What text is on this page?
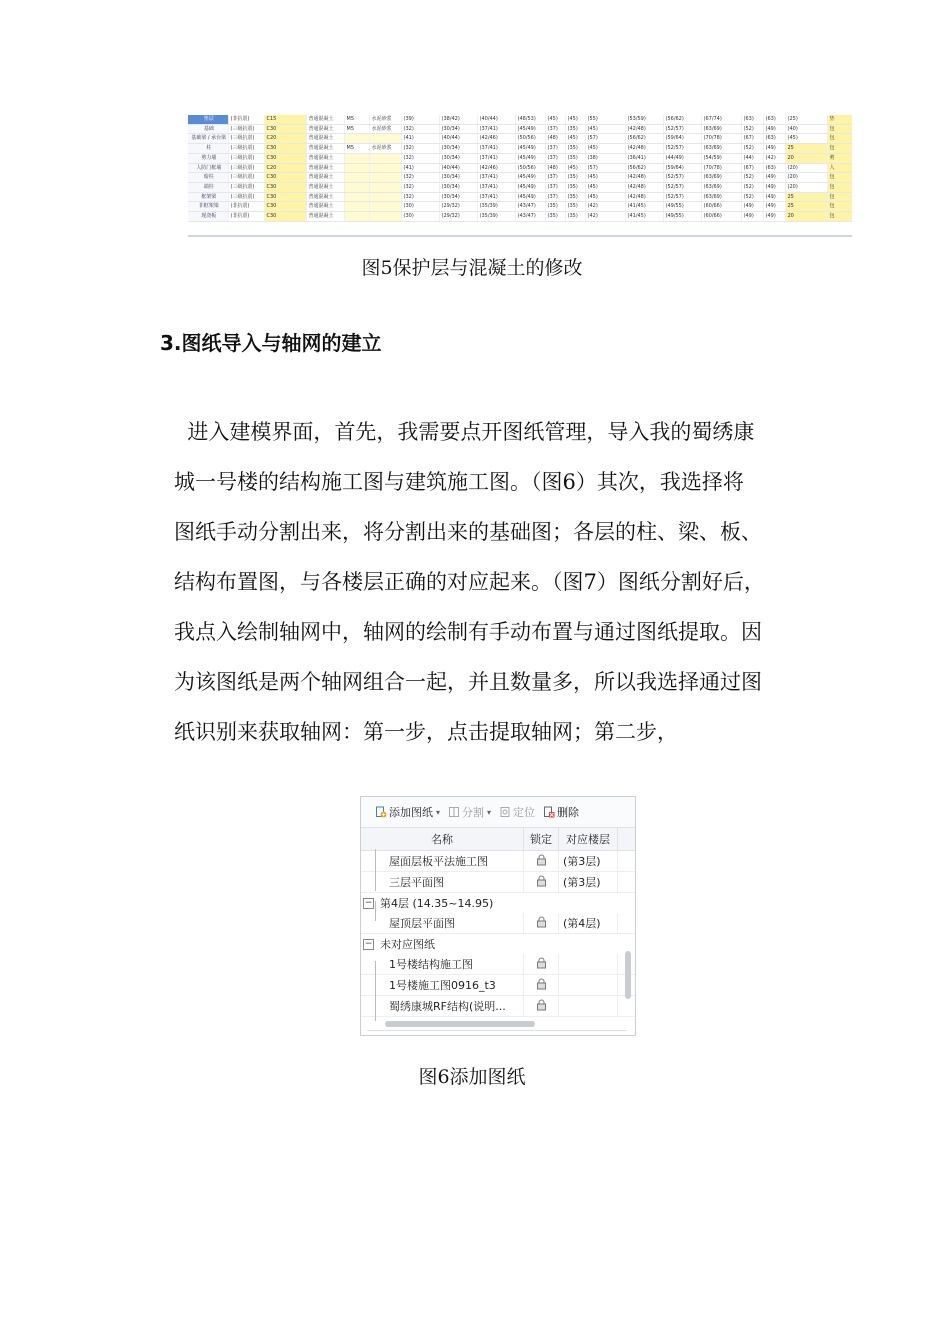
垫层	(非抗震)	C15	普通混凝土	M5	水泥砂浆	(39)	(38/42)	(40/44)	(48/53)	(45)	(45)	(55)	(53/59)	(56/62)	(67/74)	(63)	(63)	(25)	垫
基础	(三级抗震)	C30	普通混凝土	M5	水泥砂浆	(32)	(30/34)	(37/41)	(45/49)	(37)	(35)	(45)	(42/48)	(52/57)	(63/69)	(52)	(49)	(40)	包
基础梁 / 承台梁	(三级抗震)	C20	普通混凝土			(41)	(40/44)	(42/46)	(50/56)	(48)	(45)	(57)	(56/62)	(59/64)	(70/78)	(67)	(63)	(45)	包
柱	(三级抗震)	C30	普通混凝土	M5	水泥砂浆	(32)	(30/34)	(37/41)	(45/49)	(37)	(35)	(45)	(42/48)	(52/57)	(63/69)	(52)	(49)	25	包
剪力墙	(三级抗震)	C30	普通混凝土			(32)	(30/34)	(37/41)	(45/49)	(37)	(35)	(38)	(36/41)	(44/49)	(54/59)	(44)	(42)	20	剪
人防门框墙	(三级抗震)	C20	普通混凝土			(41)	(40/44)	(42/46)	(50/56)	(48)	(45)	(57)	(56/62)	(59/64)	(70/78)	(67)	(63)	(20)	人
暗柱	(三级抗震)	C30	普通混凝土			(32)	(30/34)	(37/41)	(45/49)	(37)	(35)	(45)	(42/48)	(52/57)	(63/69)	(52)	(49)	(20)	包
端柱	(三级抗震)	C30	普通混凝土			(32)	(30/34)	(37/41)	(45/49)	(37)	(35)	(45)	(42/48)	(52/57)	(63/69)	(52)	(49)	(20)	包
框架梁	(三级抗震)	C30	普通混凝土			(32)	(30/34)	(37/41)	(45/49)	(37)	(35)	(45)	(42/48)	(52/57)	(63/69)	(52)	(49)	25	包
非框架梁	(非抗震)	C30	普通混凝土			(30)	(29/32)	(35/39)	(43/47)	(35)	(35)	(42)	(41/45)	(49/55)	(60/66)	(49)	(49)	25	包
现浇板	(非抗震)	C30	普通混凝土			(30)	(29/32)	(35/39)	(43/47)	(35)	(35)	(42)	(41/45)	(49/55)	(60/66)	(49)	(49)	20	包
图5保护层与混凝土的修改
3.图纸导入与轴网的建立
进入建模界面，首先，我需要点开图纸管理，导入我的蜀绣康
城一号楼的结构施工图与建筑施工图。（图6）其次，我选择将
图纸手动分割出来，将分割出来的基础图；各层的柱、梁、板、
结构布置图，与各楼层正确的对应起来。（图7）图纸分割好后，
我点入绘制轴网中，轴网的绘制有手动布置与通过图纸提取。因
为该图纸是两个轴网组合一起，并且数量多，所以我选择通过图
纸识别来获取轴网：第一步，点击提取轴网；第二步，
添加图纸 ▾ 分割 ▾ 定位 删除
名称	锁定	对应楼层
屋面层板平法施工图	(第3层)
三层平面图	(第3层)
− 第4层 (14.35~14.95)
屋顶层平面图	(第4层)
− 未对应图纸
1号楼结构施工图
1号楼施工图0916_t3
蜀绣康城RF结构(说明...
图6添加图纸
